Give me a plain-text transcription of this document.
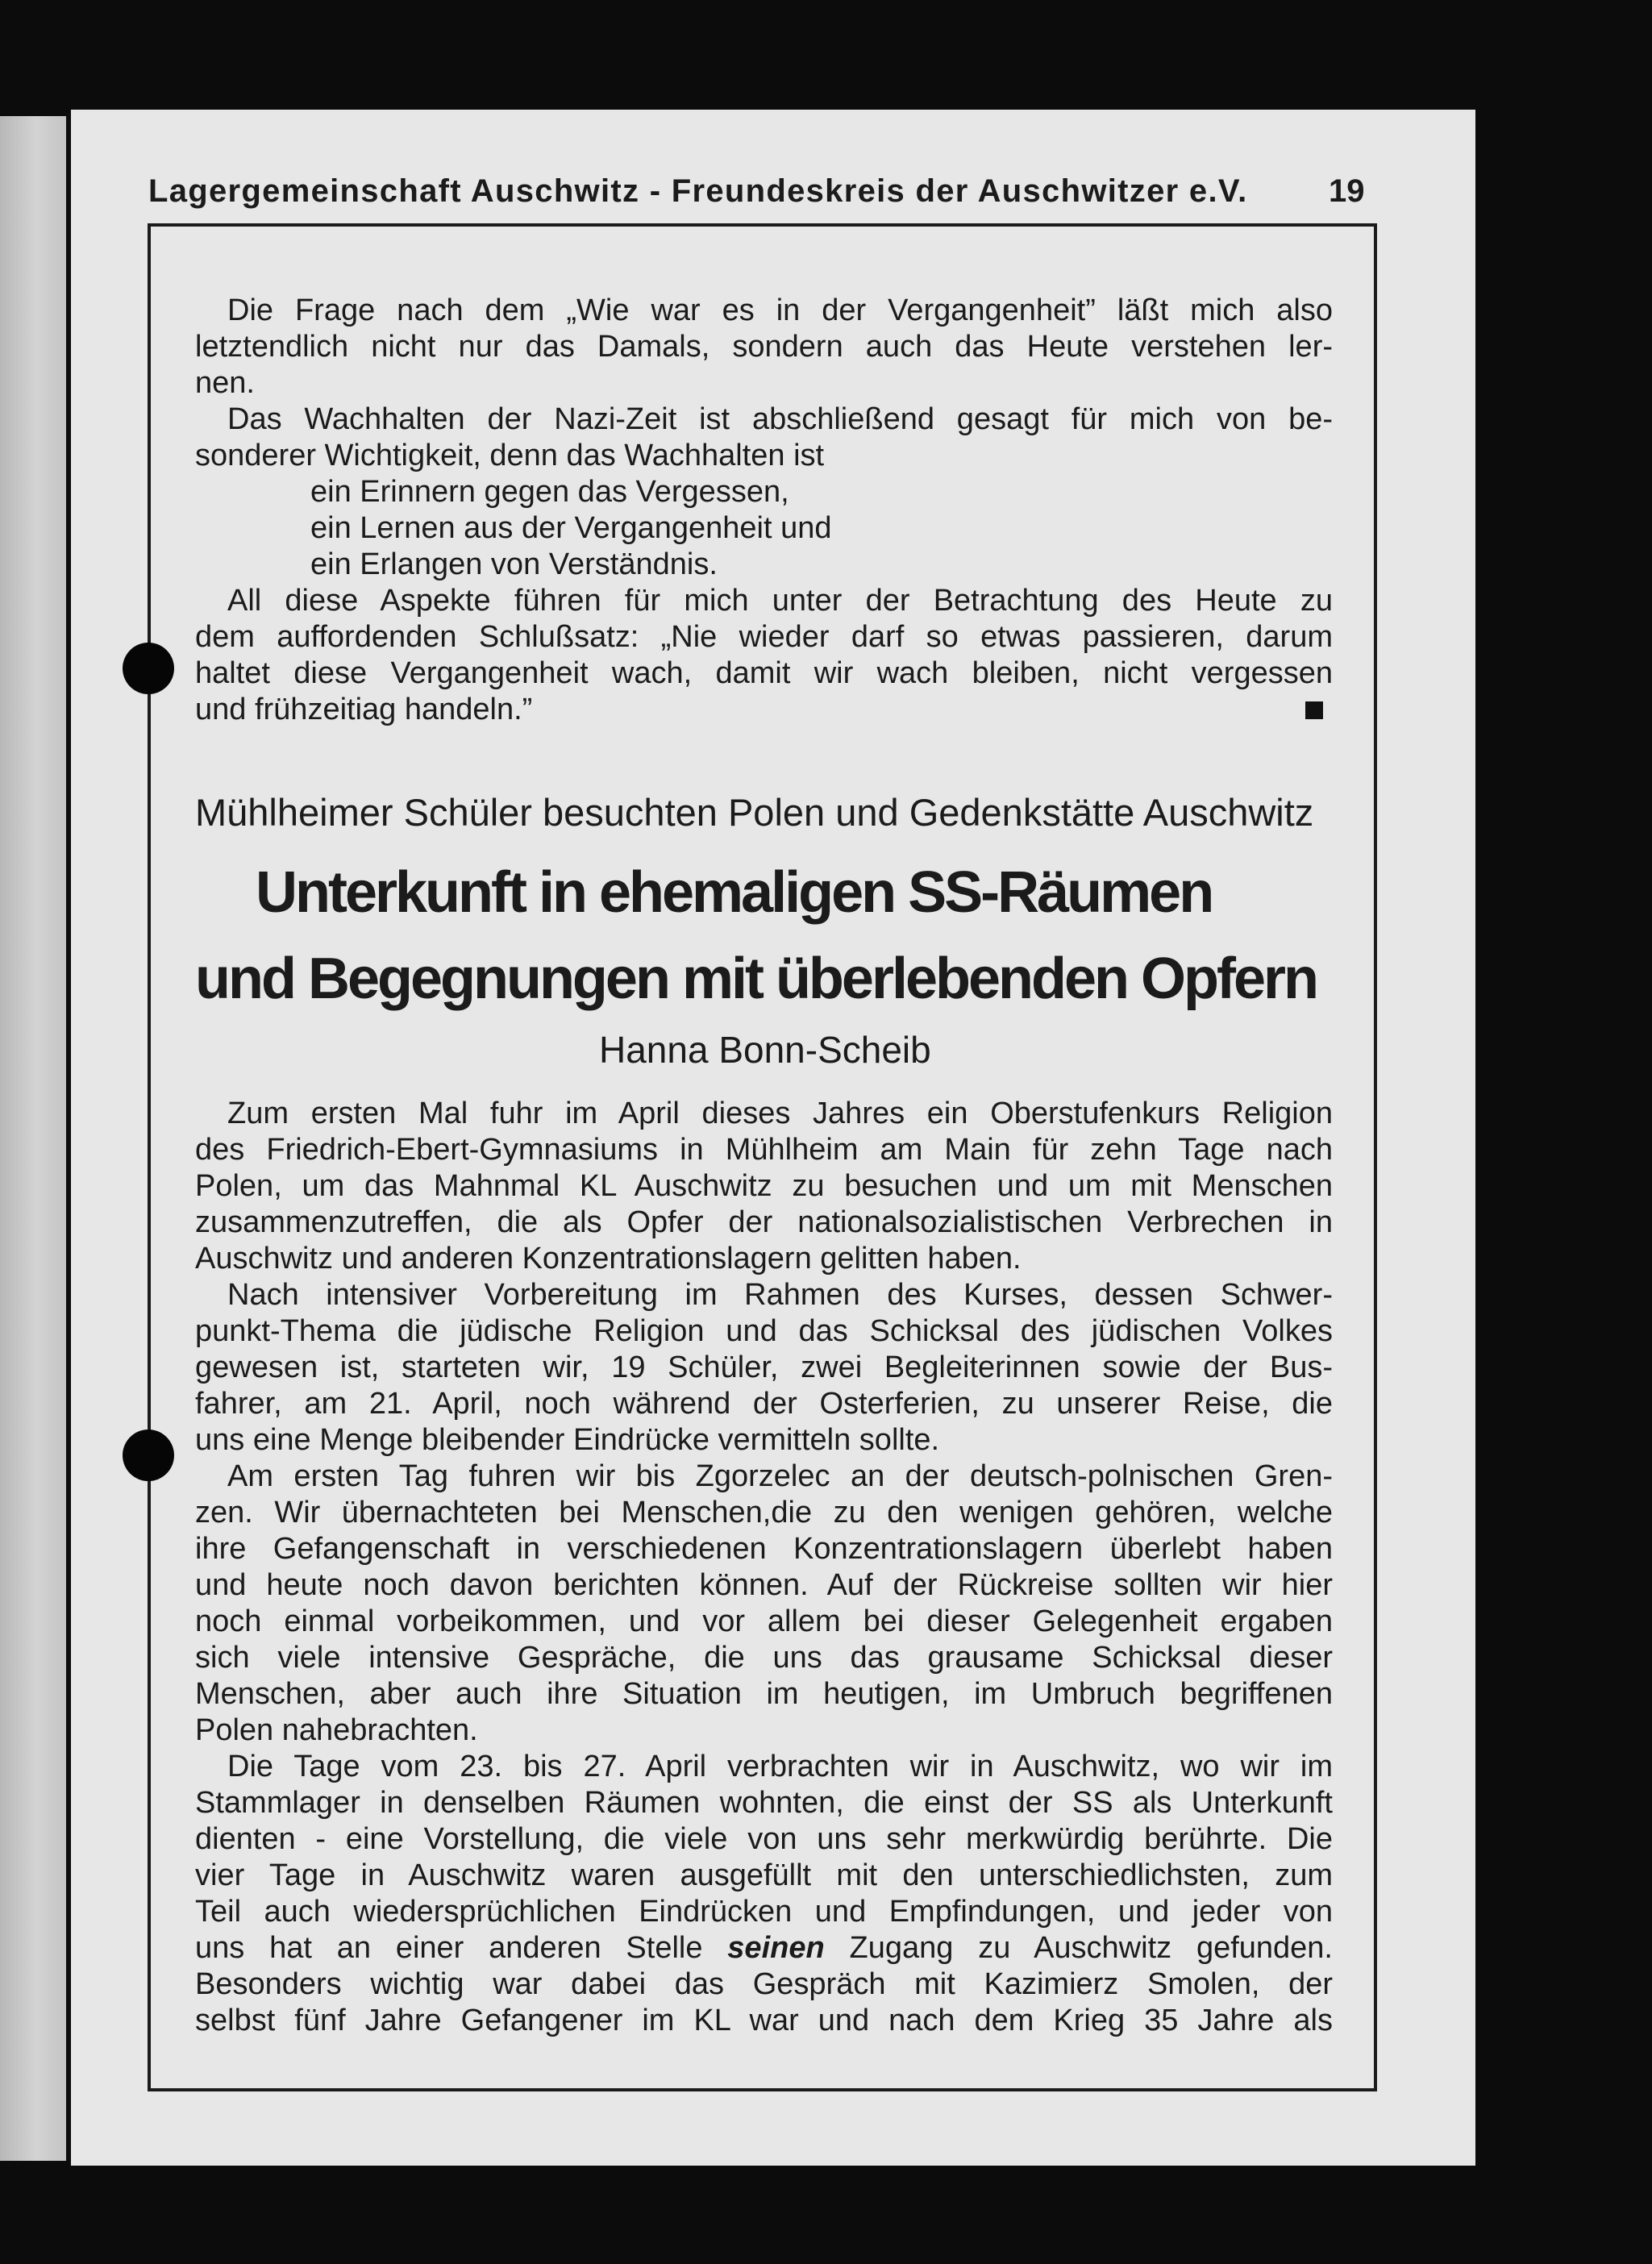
Lagergemeinschaft Auschwitz - Freundeskreis der Auschwitzer e.V.	19
Die Frage nach dem „Wie war es in der Vergangenheit” läßt mich also
letztendlich nicht nur das Damals, sondern auch das Heute verstehen ler-
nen.
Das Wachhalten der Nazi-Zeit ist abschließend gesagt für mich von be-
sonderer Wichtigkeit, denn das Wachhalten ist
ein Erinnern gegen das Vergessen,
ein Lernen aus der Vergangenheit und
ein Erlangen von Verständnis.
All diese Aspekte führen für mich unter der Betrachtung des Heute zu
dem auffordenden Schlußsatz: „Nie wieder darf so etwas passieren, darum
haltet diese Vergangenheit wach, damit wir wach bleiben, nicht vergessen
und frühzeitiag handeln.”
Mühlheimer Schüler besuchten Polen und Gedenkstätte Auschwitz
Unterkunft in ehemaligen SS-Räumen
und Begegnungen mit überlebenden Opfern
Hanna Bonn-Scheib
Zum ersten Mal fuhr im April dieses Jahres ein Oberstufenkurs Religion
des Friedrich-Ebert-Gymnasiums in Mühlheim am Main für zehn Tage nach
Polen, um das Mahnmal KL Auschwitz zu besuchen und um mit Menschen
zusammenzutreffen, die als Opfer der nationalsozialistischen Verbrechen in
Auschwitz und anderen Konzentrationslagern gelitten haben.
Nach intensiver Vorbereitung im Rahmen des Kurses, dessen Schwer-
punkt-Thema die jüdische Religion und das Schicksal des jüdischen Volkes
gewesen ist, starteten wir, 19 Schüler, zwei Begleiterinnen sowie der Bus-
fahrer, am 21. April, noch während der Osterferien, zu unserer Reise, die
uns eine Menge bleibender Eindrücke vermitteln sollte.
Am ersten Tag fuhren wir bis Zgorzelec an der deutsch-polnischen Gren-
zen. Wir übernachteten bei Menschen,die zu den wenigen gehören, welche
ihre Gefangenschaft in verschiedenen Konzentrationslagern überlebt haben
und heute noch davon berichten können. Auf der Rückreise sollten wir hier
noch einmal vorbeikommen, und vor allem bei dieser Gelegenheit ergaben
sich viele intensive Gespräche, die uns das grausame Schicksal dieser
Menschen, aber auch ihre Situation im heutigen, im Umbruch begriffenen
Polen nahebrachten.
Die Tage vom 23. bis 27. April verbrachten wir in Auschwitz, wo wir im
Stammlager in denselben Räumen wohnten, die einst der SS als Unterkunft
dienten - eine Vorstellung, die viele von uns sehr merkwürdig berührte. Die
vier Tage in Auschwitz waren ausgefüllt mit den unterschiedlichsten, zum
Teil auch wiedersprüchlichen Eindrücken und Empfindungen, und jeder von
uns hat an einer anderen Stelle seinen Zugang zu Auschwitz gefunden.
Besonders wichtig war dabei das Gespräch mit Kazimierz Smolen, der
selbst fünf Jahre Gefangener im KL war und nach dem Krieg 35 Jahre als
